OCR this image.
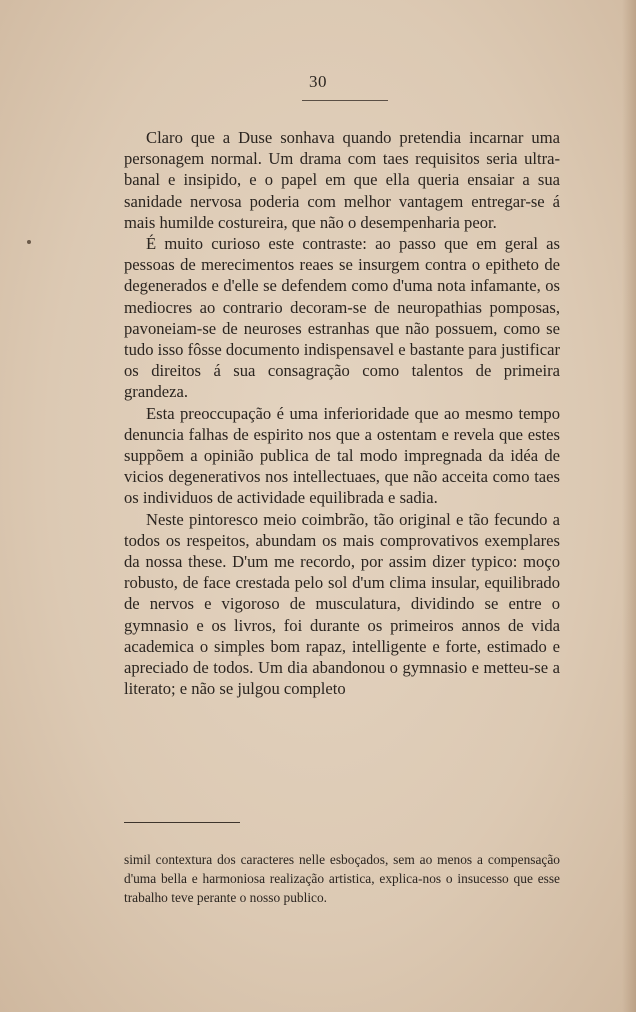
30

Claro que a Duse sonhava quando pretendia incarnar uma personagem normal. Um drama com taes requisitos seria ultra-banal e insipido, e o papel em que ella queria ensaiar a sua sanidade nervosa poderia com melhor vantagem entregar-se á mais humilde costureira, que não o desempenharia peor.

É muito curioso este contraste: ao passo que em geral as pessoas de merecimentos reaes se insurgem contra o epitheto de degenerados e d'elle se defendem como d'uma nota infamante, os mediocres ao contrario decoram-se de neuropathias pomposas, pavoneiam-se de neuroses estranhas que não possuem, como se tudo isso fôsse documento indispensavel e bastante para justificar os direitos á sua consagração como talentos de primeira grandeza.

Esta preoccupação é uma inferioridade que ao mesmo tempo denuncia falhas de espirito nos que a ostentam e revela que estes suppõem a opinião publica de tal modo impregnada da idéa de vicios degenerativos nos intellectuaes, que não acceita como taes os individuos de actividade equilibrada e sadia.

Neste pintoresco meio coimbrão, tão original e tão fecundo a todos os respeitos, abundam os mais comprovativos exemplares da nossa these. D'um me recordo, por assim dizer typico: moço robusto, de face crestada pelo sol d'um clima insular, equilibrado de nervos e vigoroso de musculatura, dividindo se entre o gymnasio e os livros, foi durante os primeiros annos de vida academica o simples bom rapaz, intelligente e forte, estimado e apreciado de todos. Um dia abandonou o gymnasio e metteu-se a literato; e não se julgou completo

simil contextura dos caracteres nelle esboçados, sem ao menos a compensação d'uma bella e harmoniosa realização artistica, explica-nos o insucesso que esse trabalho teve perante o nosso publico.
